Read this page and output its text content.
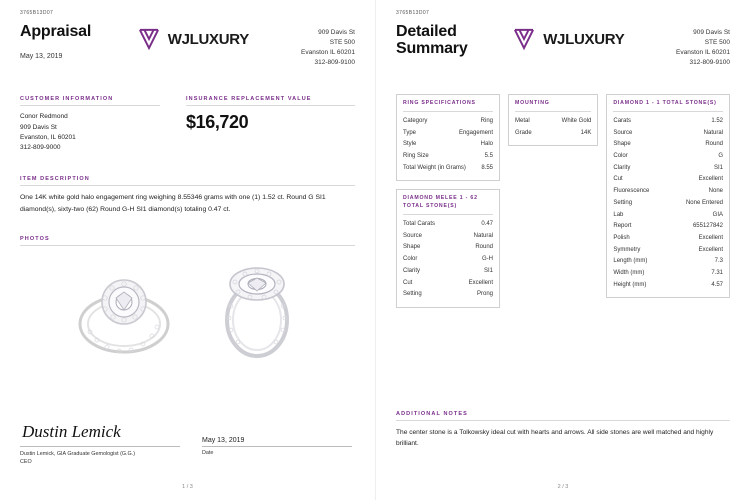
3765B13D07
Appraisal
May 13, 2019
WJLUXURY	909 Davis St
STE 500
Evanston IL 60201
312-809-9100
CUSTOMER INFORMATION
Conor Redmond
909 Davis St
Evanston, IL 60201
312-809-9000
INSURANCE REPLACEMENT VALUE
$16,720
ITEM DESCRIPTION
One 14K white gold halo engagement ring weighing 8.55346 grams with one (1) 1.52 ct. Round G SI1 diamond(s), sixty-two (62) Round G-H SI1 diamond(s) totaling 0.47 ct.
PHOTOS
Dustin Lemick
Dustin Lemick, GIA Graduate Gemologist (G.G.)
CEO
May 13, 2019
Date
1 / 3
3765B13D07
Detailed
Summary
WJLUXURY	909 Davis St
STE 500
Evanston IL 60201
312-809-9100
RING SPECIFICATIONS
Category	Ring
Type	Engagement
Style	Halo
Ring Size	5.5
Total Weight (in Grams)	8.55
DIAMOND MELEE 1 - 62 TOTAL STONE(S)
Total Carats	0.47
Source	Natural
Shape	Round
Color	G-H
Clarity	SI1
Cut	Excellent
Setting	Prong
MOUNTING
Metal	White Gold
Grade	14K
DIAMOND 1 - 1 TOTAL STONE(S)
Carats	1.52
Source	Natural
Shape	Round
Color	G
Clarity	SI1
Cut	Excellent
Fluorescence	None
Setting	None Entered
Lab	GIA
Report	655127842
Polish	Excellent
Symmetry	Excellent
Length (mm)	7.3
Width (mm)	7.31
Height (mm)	4.57
ADDITIONAL NOTES
The center stone is a Tolkowsky ideal cut with hearts and arrows. All side stones are well matched and highly brilliant.
2 / 3
